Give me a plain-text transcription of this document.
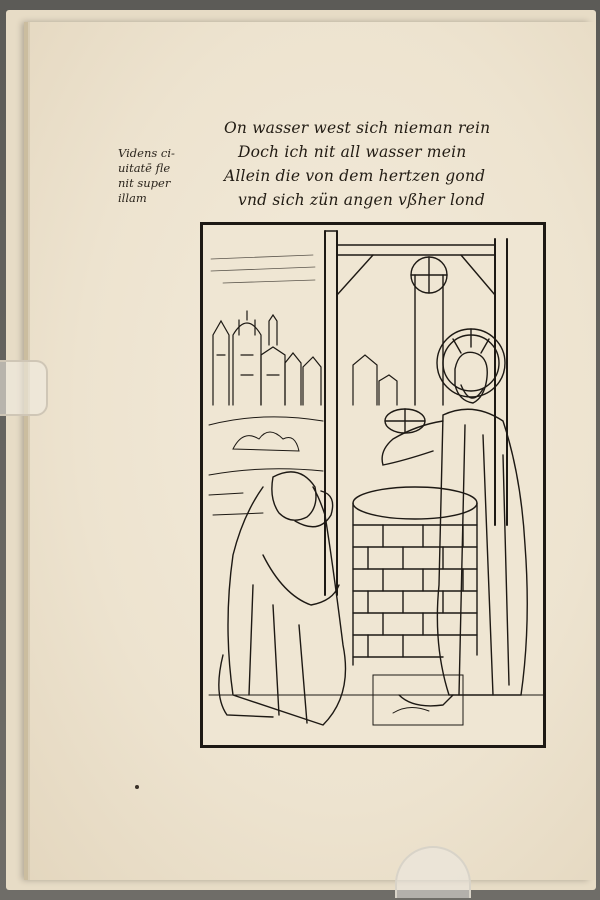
Videns ci-
uitatē fle
nit super
illam
On wasser west sich nieman rein
Doch ich nit all wasser mein
Allein die von dem hertzen gond
vnd sich zün angen vßher lond
